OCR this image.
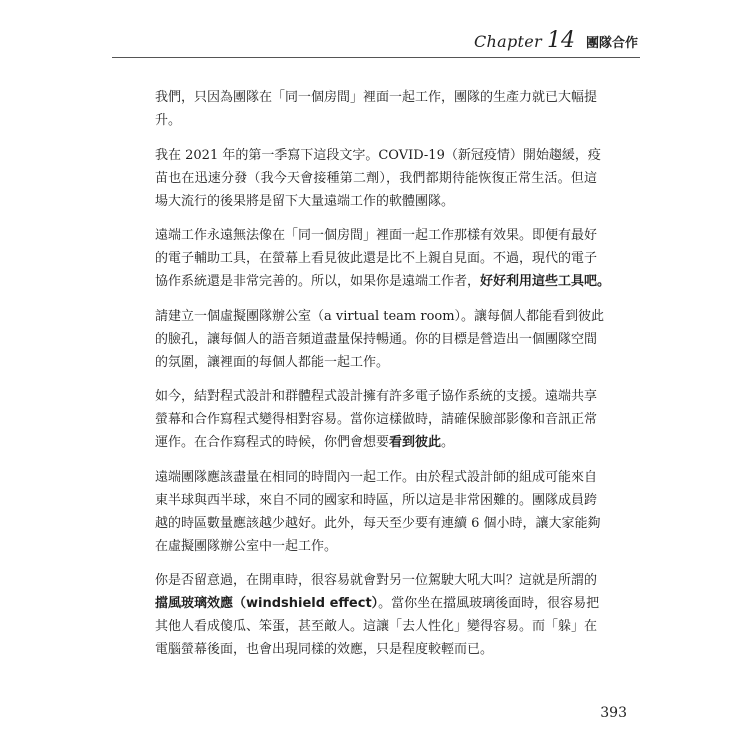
Chapter 14 團隊合作
我們，只因為團隊在「同一個房間」裡面一起工作，團隊的生產力就已大幅提
升。
我在 2021 年的第一季寫下這段文字。COVID-19（新冠疫情）開始趨緩，疫
苗也在迅速分發（我今天會接種第二劑），我們都期待能恢復正常生活。但這
場大流行的後果將是留下大量遠端工作的軟體團隊。
遠端工作永遠無法像在「同一個房間」裡面一起工作那樣有效果。即便有最好
的電子輔助工具，在螢幕上看見彼此還是比不上親自見面。不過，現代的電子
協作系統還是非常完善的。所以，如果你是遠端工作者，好好利用這些工具吧。
請建立一個虛擬團隊辦公室（a virtual team room）。讓每個人都能看到彼此
的臉孔，讓每個人的語音頻道盡量保持暢通。你的目標是營造出一個團隊空間
的氛圍，讓裡面的每個人都能一起工作。
如今，結對程式設計和群體程式設計擁有許多電子協作系統的支援。遠端共享
螢幕和合作寫程式變得相對容易。當你這樣做時，請確保臉部影像和音訊正常
運作。在合作寫程式的時候，你們會想要看到彼此。
遠端團隊應該盡量在相同的時間內一起工作。由於程式設計師的組成可能來自
東半球與西半球，來自不同的國家和時區，所以這是非常困難的。團隊成員跨
越的時區數量應該越少越好。此外，每天至少要有連續 6 個小時，讓大家能夠
在虛擬團隊辦公室中一起工作。
你是否留意過，在開車時，很容易就會對另一位駕駛大吼大叫？這就是所謂的
擋風玻璃效應（windshield effect）。當你坐在擋風玻璃後面時，很容易把
其他人看成傻瓜、笨蛋，甚至敵人。這讓「去人性化」變得容易。而「躲」在
電腦螢幕後面，也會出現同樣的效應，只是程度較輕而已。
393
